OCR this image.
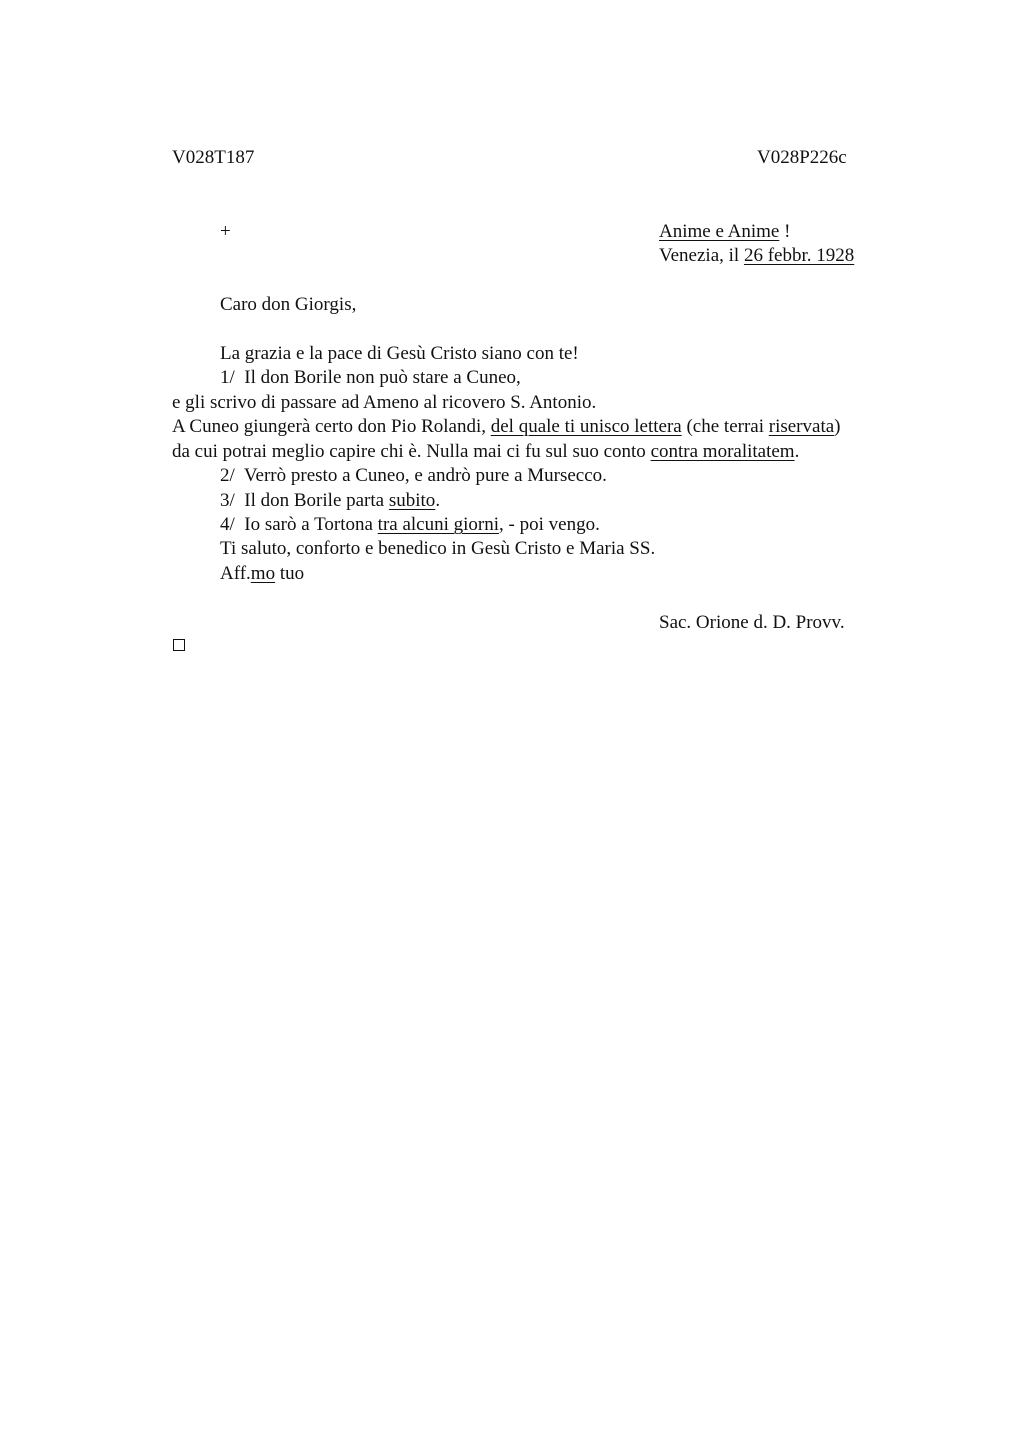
V028T187	V028P226c
+	Anime e Anime !
Venezia, il 26 febbr. 1928
Caro don Giorgis,
La grazia e la pace di Gesù Cristo siano con te!
1/  Il don Borile non può stare a Cuneo,
e gli scrivo di passare ad Ameno al ricovero S. Antonio.
A Cuneo giungerà certo don Pio Rolandi, del quale ti unisco lettera (che terrai riservata)
da cui potrai meglio capire chi è. Nulla mai ci fu sul suo conto contra moralitatem.
2/  Verrò presto a Cuneo, e andrò pure a Mursecco.
3/  Il don Borile parta subito.
4/  Io sarò a Tortona tra alcuni giorni, - poi vengo.
Ti saluto, conforto e benedico in Gesù Cristo e Maria SS.
Aff.mo tuo
Sac. Orione d. D. Provv.
